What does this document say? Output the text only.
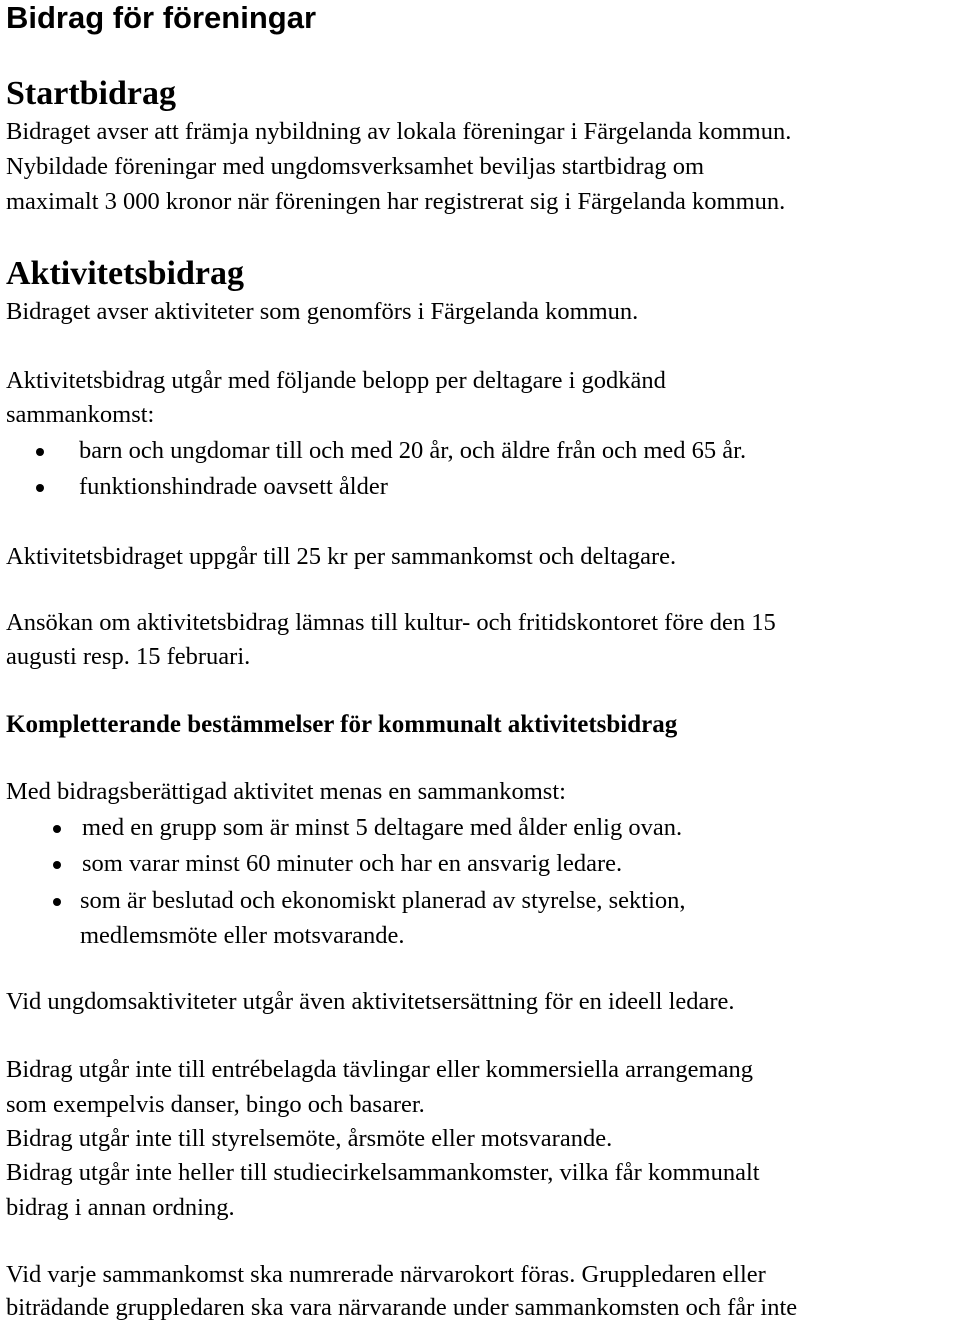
Bidrag för föreningar
Startbidrag

Bidraget avser att främja nybildning av lokala föreningar i Färgelanda kommun.

Nybildade föreningar med ungdomsverksamhet beviljas startbidrag om

maximalt 3 000 kronor när föreningen har registrerat sig i Färgelanda kommun.

Aktivitetsbidrag

Bidraget avser aktiviteter som genomförs i Färgelanda kommun.

Aktivitetsbidrag utgår med följande belopp per deltagare i godkänd

sammankomst:

barn och ungdomar till och med 20 år, och äldre från och med 65 år.
funktionshindrade oavsett ålder

Aktivitetsbidraget uppgår till 25 kr per sammankomst och deltagare.

Ansökan om aktivitetsbidrag lämnas till kultur- och fritidskontoret före den 15

augusti resp. 15 februari.

Kompletterande bestämmelser för kommunalt aktivitetsbidrag

Med bidragsberättigad aktivitet menas en sammankomst:

med en grupp som är minst 5 deltagare med ålder enlig ovan.
som varar minst 60 minuter och har en ansvarig ledare.
som är beslutad och ekonomiskt planerad av styrelse, sektion,

medlemsmöte eller motsvarande.

Vid ungdomsaktiviteter utgår även aktivitetsersättning för en ideell ledare.

Bidrag utgår inte till entrébelagda tävlingar eller kommersiella arrangemang

som exempelvis danser, bingo och basarer.

Bidrag utgår inte till styrelsemöte, årsmöte eller motsvarande.

Bidrag utgår inte heller till studiecirkelsammankomster, vilka får kommunalt

bidrag i annan ordning.

Vid varje sammankomst ska numrerade närvarokort föras. Gruppledaren eller

biträdande gruppledaren ska vara närvarande under sammankomsten och får inte
